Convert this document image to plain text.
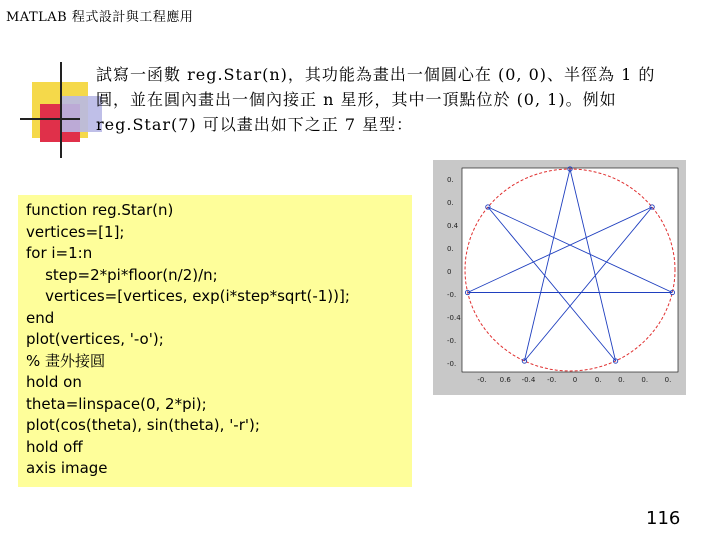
MATLAB 程式設計與工程應用
試寫一函數 reg.Star(n)，其功能為畫出一個圓心在 (0, 0)、半徑為 1 的
圓，並在圓內畫出一個內接正 n 星形，其中一頂點位於 (0, 1)。例如
reg.Star(7) 可以畫出如下之正 7 星型：
function reg.Star(n)
vertices=[1];
for i=1:n
step=2*pi*floor(n/2)/n;
vertices=[vertices, exp(i*step*sqrt(-1))];
end
plot(vertices, '-o');
% 畫外接圓
hold on
theta=linspace(0, 2*pi);
plot(cos(theta), sin(theta), '-r');
hold off
axis image
0.
0.
0.4
0.
0
-0.
-0.4
-0.
-0.
-0. 0.6 -0.4 -0. 0	0. 0. 0. 0.
116
